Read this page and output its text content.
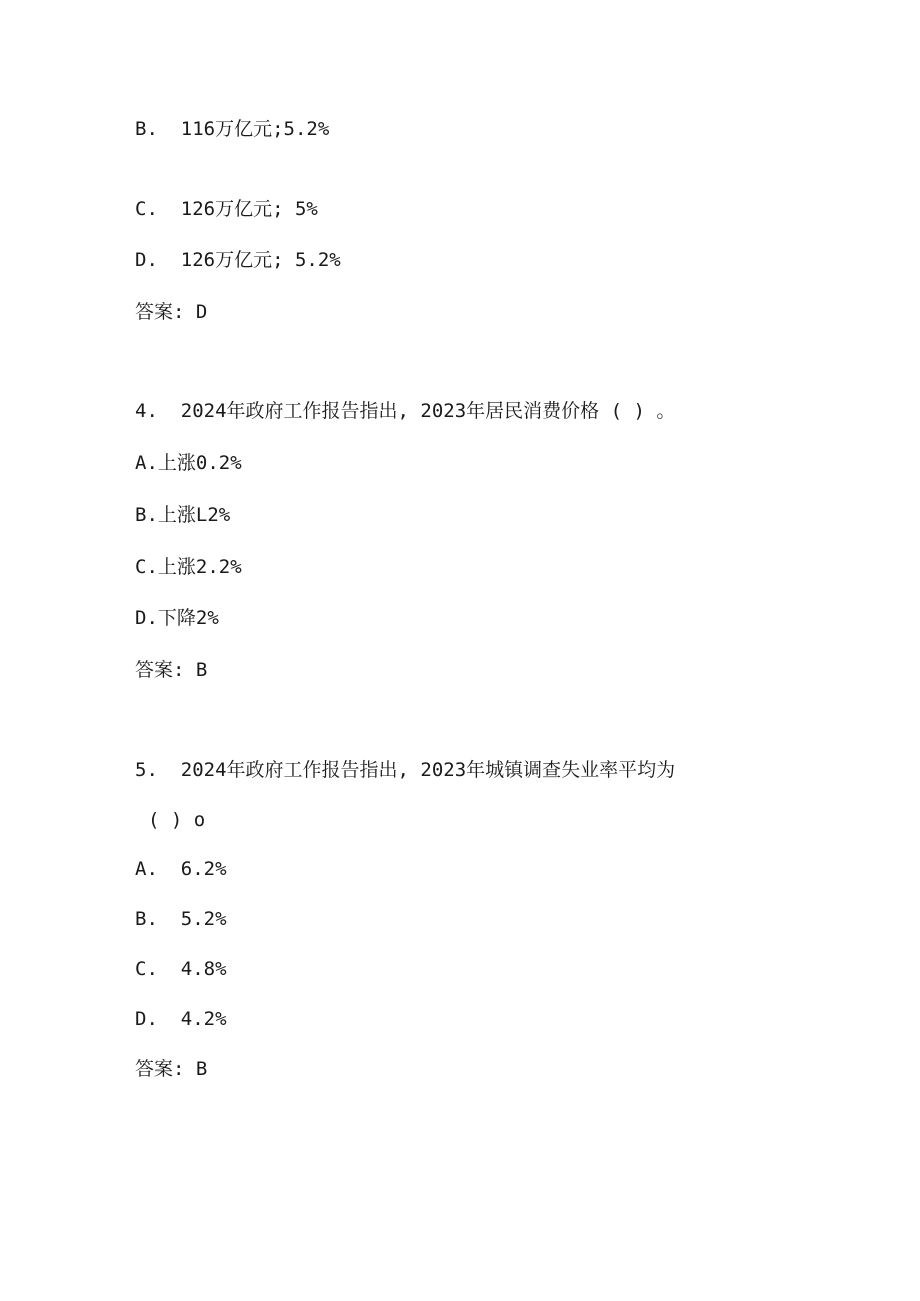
B.  116万亿元;5.2%
C.  126万亿元; 5%
D.  126万亿元; 5.2%
答案: D
4.  2024年政府工作报告指出, 2023年居民消费价格 ( ) 。
A.上涨0.2%
B.上涨L2%
C.上涨2.2%
D.下降2%
答案: B
5.  2024年政府工作报告指出, 2023年城镇调查失业率平均为
( ) o
A.  6.2%
B.  5.2%
C.  4.8%
D.  4.2%
答案: B
